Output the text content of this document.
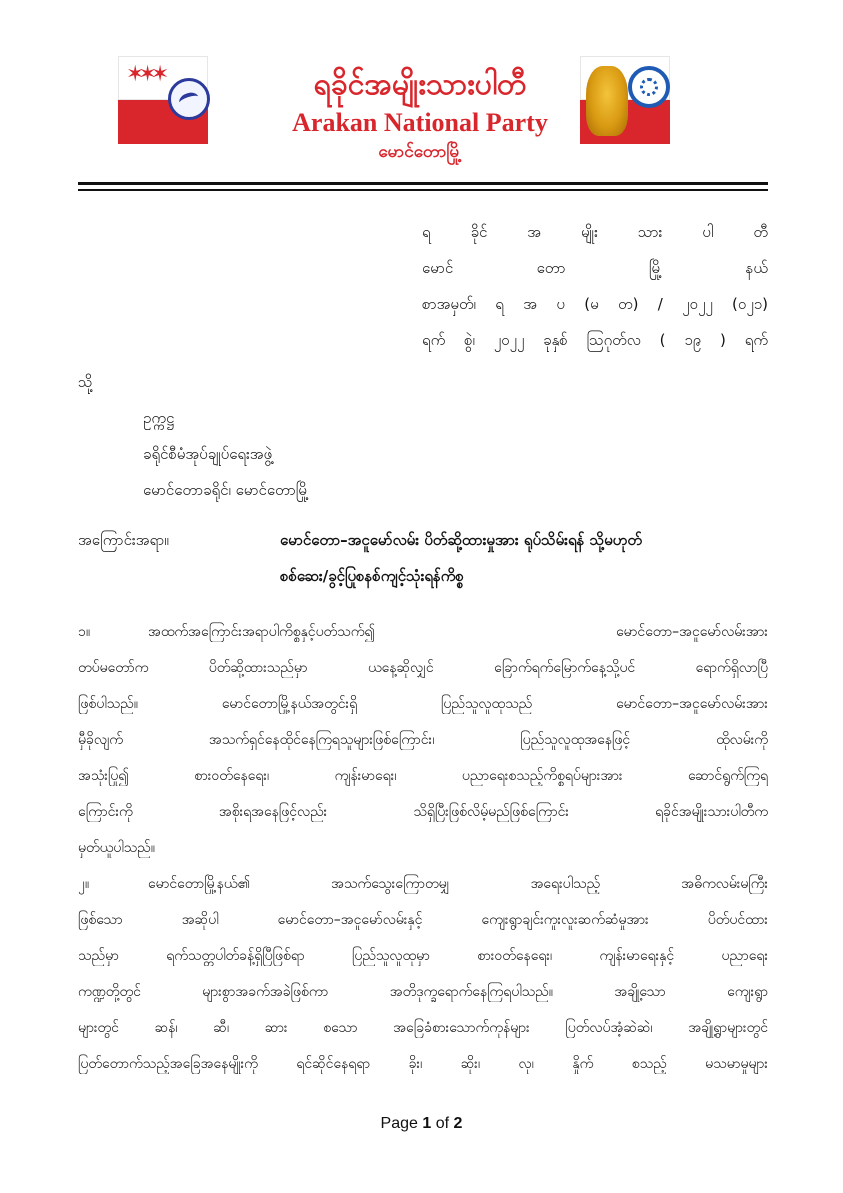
✶✶✶	ရခိုင်အမျိုးသားပါတီ
Arakan National Party
မောင်တောမြို့
ရ	ခိုင်	အ	မျိုး	သား	ပါ	တီ
မောင်	တော	မြို့	နယ်
စာအမှတ်၊ ရ အ ပ (မ တ) / ၂၀၂၂ (၀၂၁)
ရက် စွဲ၊ ၂၀၂၂ ခုနှစ် ဩဂုတ်လ ( ၁၉ ) ရက်
သို့
ဥက္ကဋ္ဌ
ခရိုင်စီမံအုပ်ချုပ်ရေးအဖွဲ့
မောင်တောခရိုင်၊ မောင်တောမြို့
အကြောင်းအရာ။	မောင်တော–အငူမော်လမ်း ပိတ်ဆို့ထားမှုအား ရုပ်သိမ်းရန် သို့မဟုတ်
စစ်ဆေး/ခွင့်ပြုစနစ်ကျင့်သုံးရန်ကိစ္စ
၁။	အထက်အကြောင်းအရာပါကိစ္စနှင့်ပတ်သက်၍ မောင်တော–အငူမော်လမ်းအား
တပ်မတော်က ပိတ်ဆို့ထားသည်မှာ ယနေ့ဆိုလျှင် ခြောက်ရက်မြောက်နေ့သို့ပင် ရောက်ရှိလာပြီ
ဖြစ်ပါသည်။ မောင်တောမြို့နယ်အတွင်းရှိ ပြည်သူလူထုသည် မောင်တော–အငူမော်လမ်းအား
မှီခိုလျက် အသက်ရှင်နေထိုင်နေကြရသူများဖြစ်ကြောင်း၊ ပြည်သူလူထုအနေဖြင့် ထိုလမ်းကို
အသုံးပြု၍ စားဝတ်နေရေး၊ ကျန်းမာရေး၊ ပညာရေးစသည့်ကိစ္စရပ်များအား ဆောင်ရွက်ကြရ
ကြောင်းကို အစိုးရအနေဖြင့်လည်း သိရှိပြီးဖြစ်လိမ့်မည်ဖြစ်ကြောင်း ရခိုင်အမျိုးသားပါတီက
မှတ်ယူပါသည်။
၂။	မောင်တောမြို့နယ်၏ အသက်သွေးကြောတမျှ အရေးပါသည့် အဓိကလမ်းမကြီး
ဖြစ်သော အဆိုပါ မောင်တော–အငူမော်လမ်းနှင့် ကျေးရွာချင်းကူးလူးဆက်ဆံမှုအား ပိတ်ပင်ထား
သည်မှာ ရက်သတ္တပါတ်ခန့်ရှိပြီဖြစ်ရာ ပြည်သူလူထုမှာ စားဝတ်နေရေး၊ ကျန်းမာရေးနှင့် ပညာရေး
ကဏ္ဍတို့တွင် များစွာအခက်အခဲဖြစ်ကာ အတိဒုက္ခရောက်နေကြရပါသည်။ အချို့သော ကျေးရွာ
များတွင် ဆန်၊ ဆီ၊ ဆား စသော အခြေခံစားသောက်ကုန်များ ပြတ်လပ်အံ့ဆဲဆဲ၊ အချို့ရွာများတွင်
ပြတ်တောက်သည့်အခြေအနေမျိုးကို ရင်ဆိုင်နေရရာ ခိုး၊ ဆိုး၊ လု၊ နှိုက် စသည့် မသမာမှုများ
Page 1 of 2
